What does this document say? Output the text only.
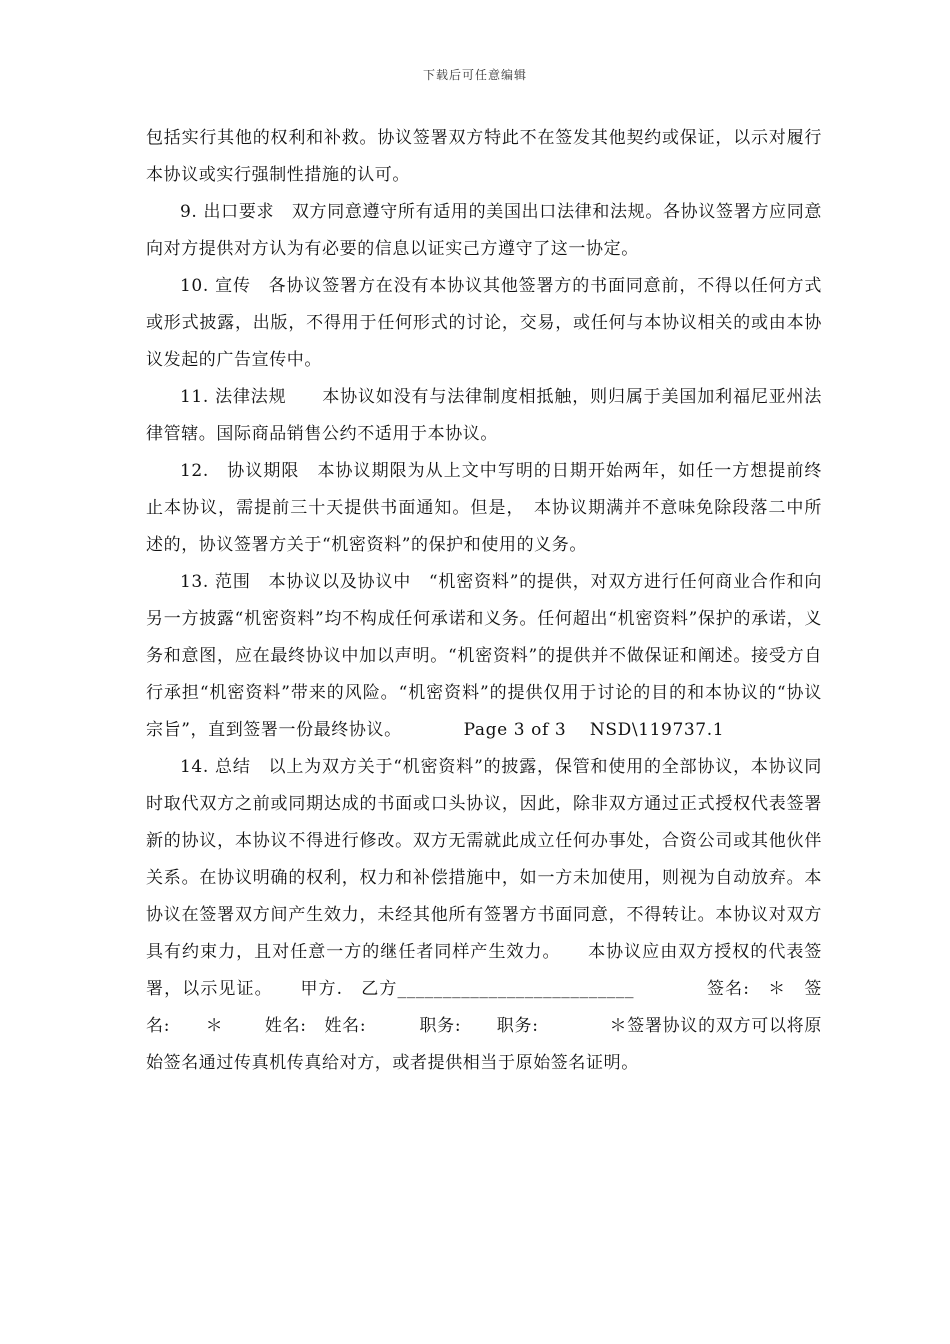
下载后可任意编辑

包括实行其他的权利和补救。协议签署双方特此不在签发其他契约或保证，以示对履行本协议或实行强制性措施的认可。

9. 出口要求　双方同意遵守所有适用的美国出口法律和法规。各协议签署方应同意向对方提供对方认为有必要的信息以证实己方遵守了这一协定。

10. 宣传　各协议签署方在没有本协议其他签署方的书面同意前，不得以任何方式或形式披露，出版，不得用于任何形式的讨论，交易，或任何与本协议相关的或由本协议发起的广告宣传中。

11. 法律法规　　本协议如没有与法律制度相抵触，则归属于美国加利福尼亚州法律管辖。国际商品销售公约不适用于本协议。

12.　协议期限　本协议期限为从上文中写明的日期开始两年，如任一方想提前终止本协议，需提前三十天提供书面通知。但是，　本协议期满并不意味免除段落二中所述的，协议签署方关于“机密资料”的保护和使用的义务。

13. 范围　本协议以及协议中　“机密资料”的提供，对双方进行任何商业合作和向另一方披露“机密资料”均不构成任何承诺和义务。任何超出“机密资料”保护的承诺，义务和意图，应在最终协议中加以声明。“机密资料”的提供并不做保证和阐述。接受方自行承担“机密资料”带来的风险。“机密资料”的提供仅用于讨论的目的和本协议的“协议宗旨”，直到签署一份最终协议。　　　　Page 3 of 3　 NSD\119737.1

14. 总结　以上为双方关于“机密资料”的披露，保管和使用的全部协议，本协议同时取代双方之前或同期达成的书面或口头协议，因此，除非双方通过正式授权代表签署新的协议，本协议不得进行修改。双方无需就此成立任何办事处，合资公司或其他伙伴关系。在协议明确的权利，权力和补偿措施中，如一方未加使用，则视为自动放弃。本协议在签署双方间产生效力，未经其他所有签署方书面同意，不得转让。本协议对双方具有约束力，且对任意一方的继任者同样产生效力。　　本协议应由双方授权的代表签署，以示见证。　　甲方.　乙方__________________________　　　　签名:　＊　签名:　　＊　　 姓名:　姓名:　　　职务:　　职务:　　　　＊签署协议的双方可以将原始签名通过传真机传真给对方，或者提供相当于原始签名证明。
